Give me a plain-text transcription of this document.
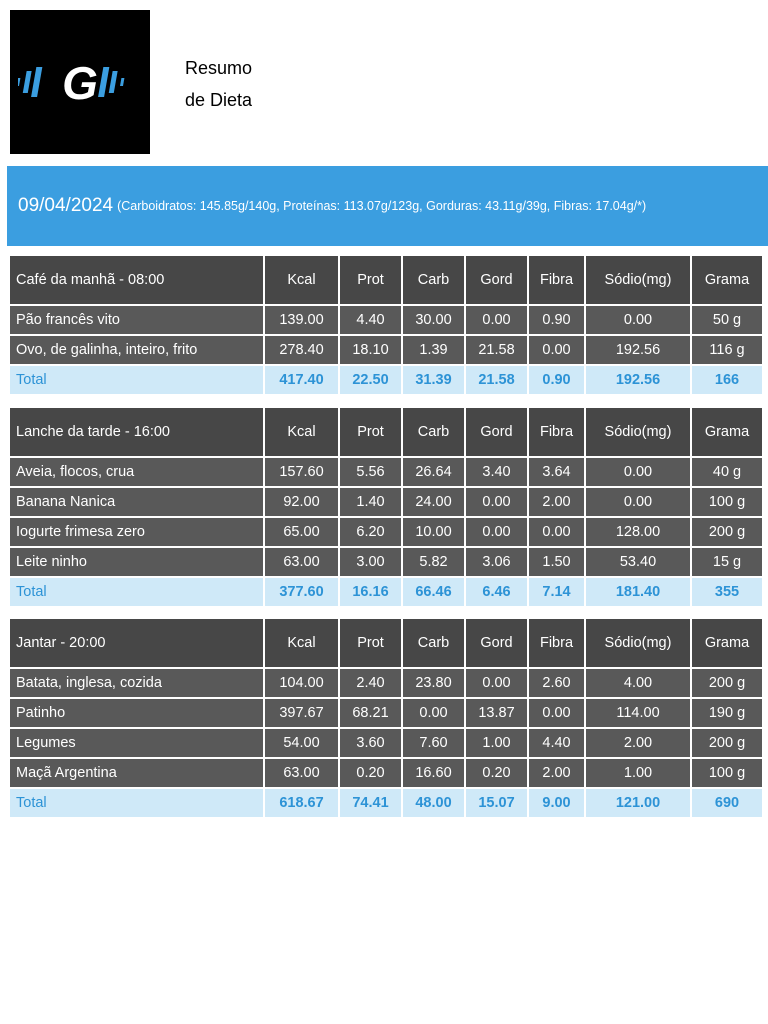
G	Resumo
de Dieta
09/04/2024 (Carboidratos: 145.85g/140g, Proteínas: 113.07g/123g, Gorduras: 43.11g/39g, Fibras: 17.04g/*)
Café da manhã - 08:00	Kcal	Prot	Carb	Gord	Fibra	Sódio(mg)	Grama
Pão francês vito	139.00	4.40	30.00	0.00	0.90	0.00	50 g
Ovo, de galinha, inteiro, frito	278.40	18.10	1.39	21.58	0.00	192.56	116 g
Total	417.40	22.50	31.39	21.58	0.90	192.56	166
Lanche da tarde - 16:00	Kcal	Prot	Carb	Gord	Fibra	Sódio(mg)	Grama
Aveia, flocos, crua	157.60	5.56	26.64	3.40	3.64	0.00	40 g
Banana Nanica	92.00	1.40	24.00	0.00	2.00	0.00	100 g
Iogurte frimesa zero	65.00	6.20	10.00	0.00	0.00	128.00	200 g
Leite ninho	63.00	3.00	5.82	3.06	1.50	53.40	15 g
Total	377.60	16.16	66.46	6.46	7.14	181.40	355
Jantar - 20:00	Kcal	Prot	Carb	Gord	Fibra	Sódio(mg)	Grama
Batata, inglesa, cozida	104.00	2.40	23.80	0.00	2.60	4.00	200 g
Patinho	397.67	68.21	0.00	13.87	0.00	114.00	190 g
Legumes	54.00	3.60	7.60	1.00	4.40	2.00	200 g
Maçã Argentina	63.00	0.20	16.60	0.20	2.00	1.00	100 g
Total	618.67	74.41	48.00	15.07	9.00	121.00	690
